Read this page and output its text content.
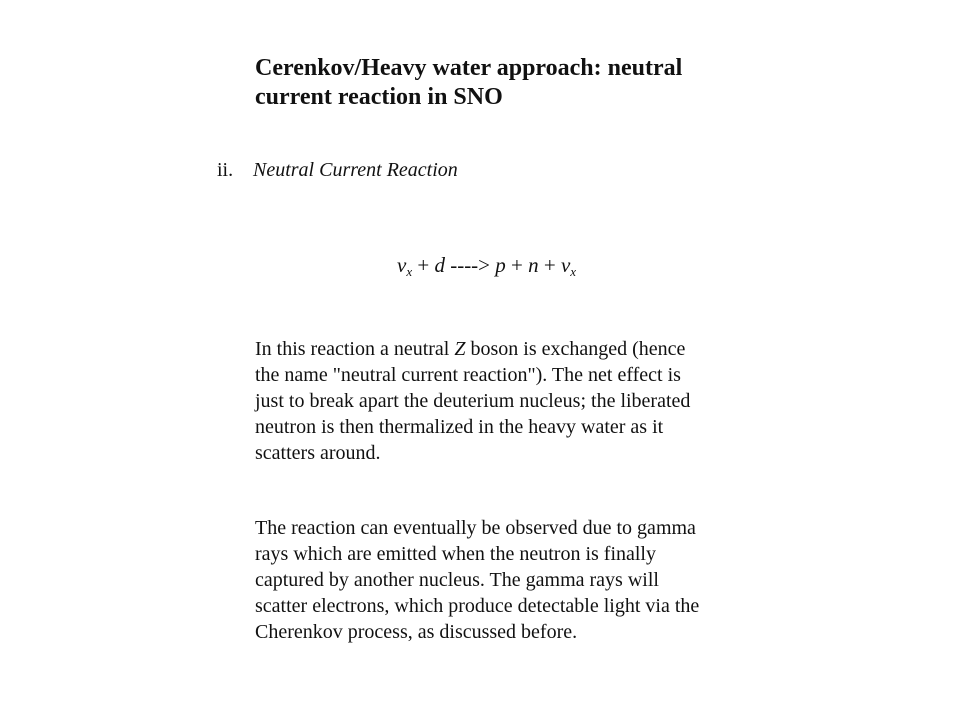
Cerenkov/Heavy water approach: neutral
current reaction in SNO
ii. Neutral Current Reaction
$\nu_x + d$ ----> $p + n + \nu_x$

In this reaction a neutral Z boson is exchanged (hence
the name "neutral current reaction"). The net effect is
just to break apart the deuterium nucleus; the liberated
neutron is then thermalized in the heavy water as it
scatters around.

The reaction can eventually be observed due to gamma
rays which are emitted when the neutron is finally
captured by another nucleus. The gamma rays will
scatter electrons, which produce detectable light via the
Cherenkov process, as discussed before.
